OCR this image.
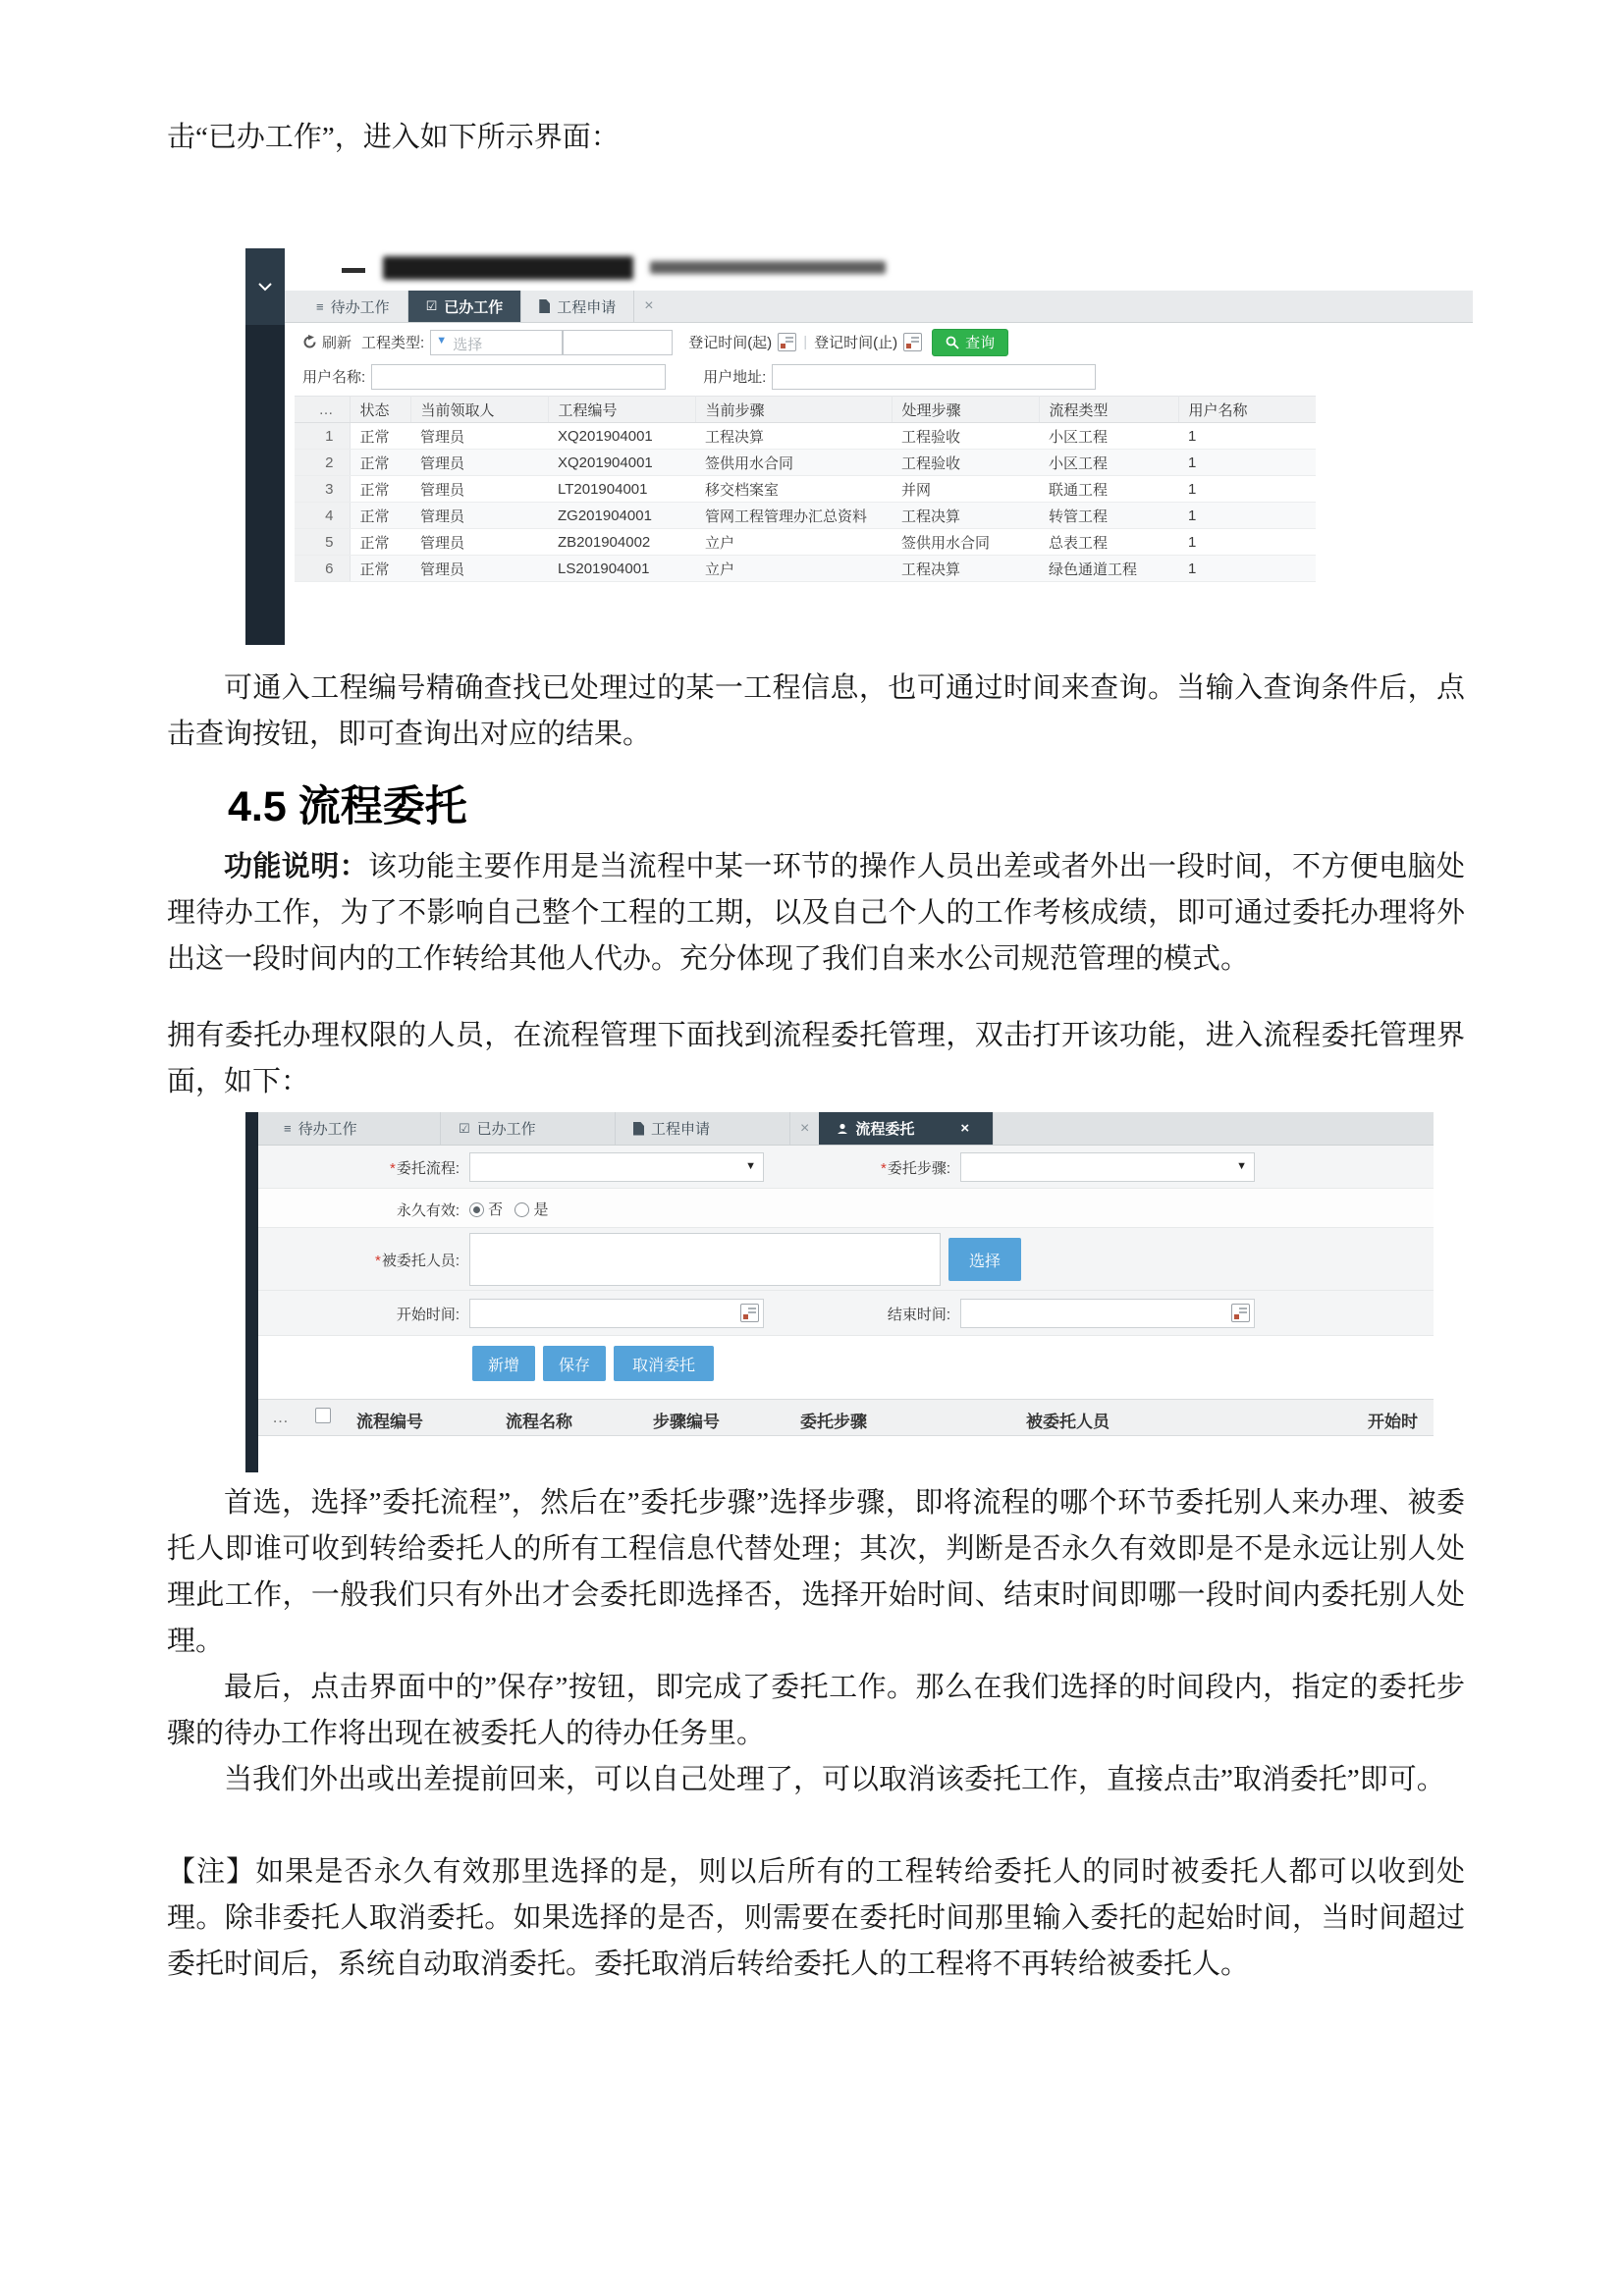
击“已办工作”，进入如下所示界面：

≡ 待办工作	☑ 已办工作	工程申请	×
刷新 工程类型: ▼ 选择	登记时间(起) | 登记时间(止)	查询
用户名称:	用户地址:
…	状态	当前领取人	工程编号	当前步骤	处理步骤	流程类型	用户名称
1	正常	管理员	XQ201904001	工程决算	工程验收	小区工程	1
2	正常	管理员	XQ201904001	签供用水合同	工程验收	小区工程	1
3	正常	管理员	LT201904001	移交档案室	并网	联通工程	1
4	正常	管理员	ZG201904001	管网工程管理办汇总资料	工程决算	转管工程	1
5	正常	管理员	ZB201904002	立户	签供用水合同	总表工程	1
6	正常	管理员	LS201904001	立户	工程决算	绿色通道工程	1

可通入工程编号精确查找已处理过的某一工程信息，也可通过时间来查询。当输入查询条件后，点击查询按钮，即可查询出对应的结果。

4.5 流程委托

功能说明：该功能主要作用是当流程中某一环节的操作人员出差或者外出一段时间，不方便电脑处理待办工作，为了不影响自己整个工程的工期，以及自己个人的工作考核成绩，即可通过委托办理将外出这一段时间内的工作转给其他人代办。充分体现了我们自来水公司规范管理的模式。

拥有委托办理权限的人员，在流程管理下面找到流程委托管理，双击打开该功能，进入流程委托管理界面，如下：

≡ 待办工作	☑ 已办工作	工程申请	×	流程委托	×
*委托流程:	▼	*委托步骤:	▼
永久有效:	否 是
*被委托人员:	选择
开始时间:	结束时间:
新增	保存	取消委托
…	流程编号	流程名称	步骤编号	委托步骤	被委托人员	开始时

首选，选择”委托流程”，然后在”委托步骤”选择步骤，即将流程的哪个环节委托别人来办理、被委托人即谁可收到转给委托人的所有工程信息代替处理；其次，判断是否永久有效即是不是永远让别人处理此工作，一般我们只有外出才会委托即选择否，选择开始时间、结束时间即哪一段时间内委托别人处理。

最后，点击界面中的”保存”按钮，即完成了委托工作。那么在我们选择的时间段内，指定的委托步骤的待办工作将出现在被委托人的待办任务里。

当我们外出或出差提前回来，可以自己处理了，可以取消该委托工作，直接点击”取消委托”即可。

【注】如果是否永久有效那里选择的是，则以后所有的工程转给委托人的同时被委托人都可以收到处理。除非委托人取消委托。如果选择的是否，则需要在委托时间那里输入委托的起始时间，当时间超过委托时间后，系统自动取消委托。委托取消后转给委托人的工程将不再转给被委托人。
